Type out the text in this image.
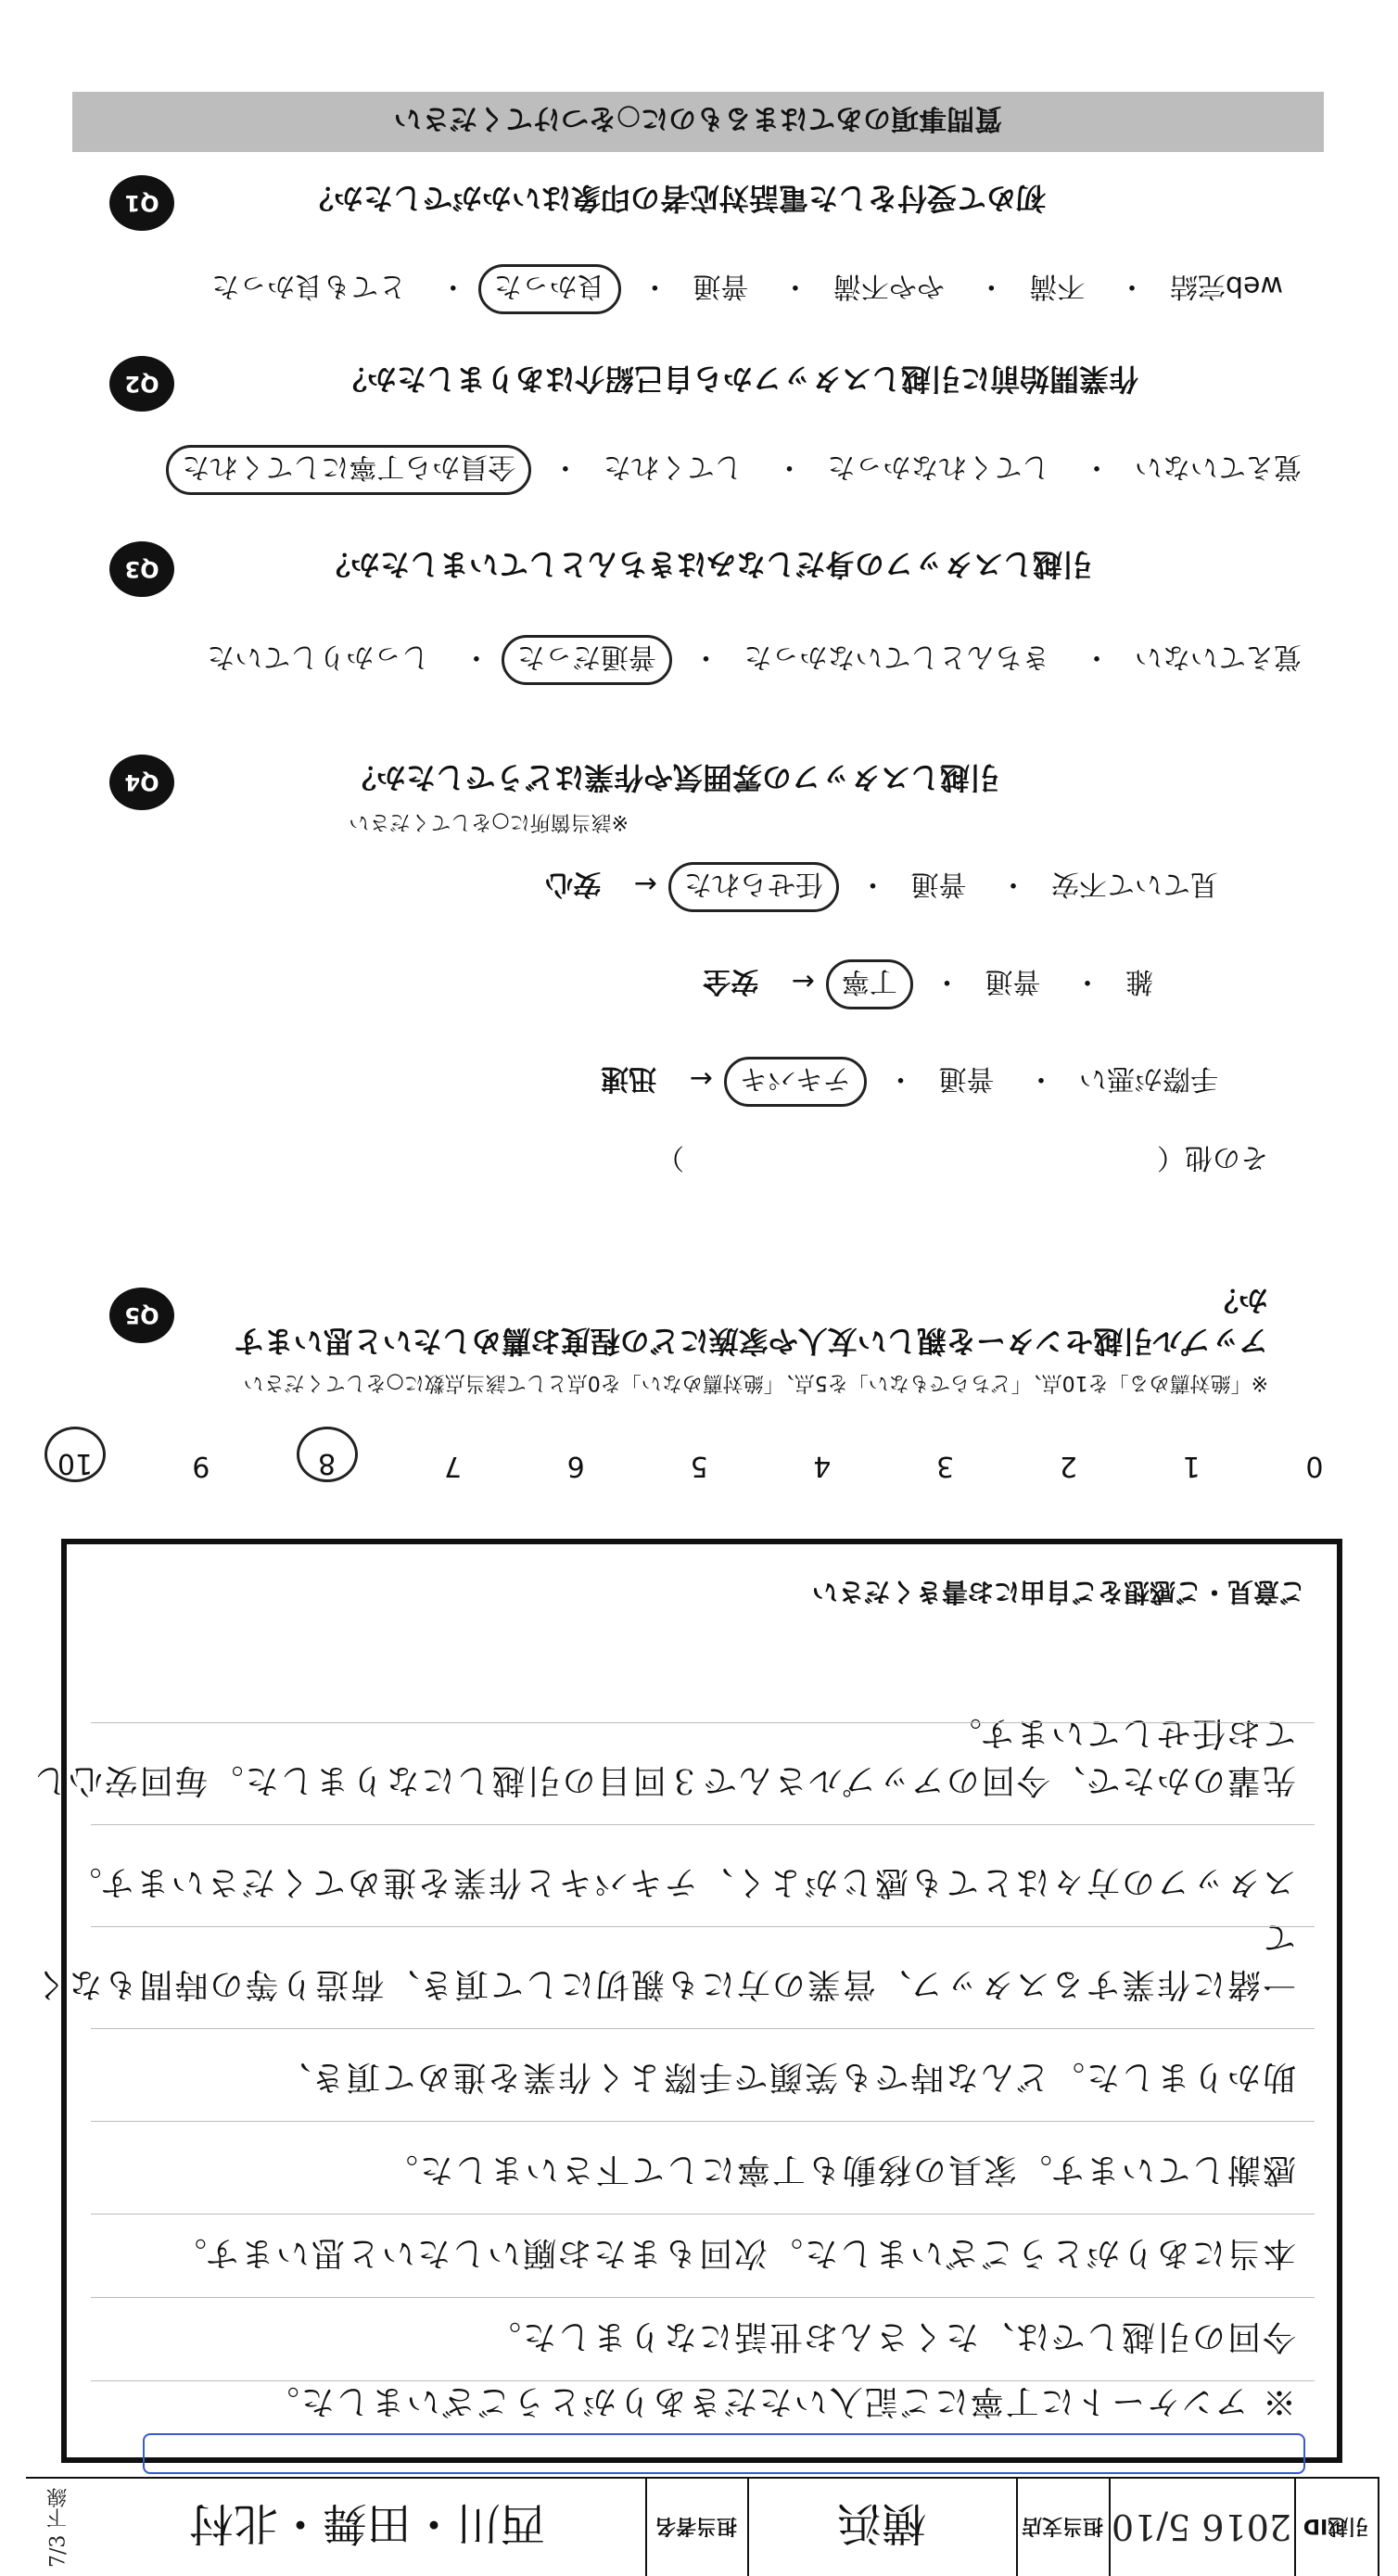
引越ID
2016 5/10
担当支店
横浜
担当者名
西川・田舞・北村
7/3 下線
※ アンケートに丁寧にご記入いただきありがとうございました。
今回の引越しでは、たくさんお世話になりました。
本当にありがとうございました。次回もまたお願いしたいと思います。
感謝しています。家具の移動も丁寧にして下さいました。
助かりました。どんな時でも笑顔で手際よく作業を進めて頂き、
一緒に作業するスタッフ、営業の方にも親切にして頂き、荷造り等の時間もなくて
スタッフの方々はとても感じがよく、テキパキと作業を進めてくださいます。
先輩のかたで、今回のアップルさんで３回目の引越しになりました。毎回安心してお任せしています。
ご意見・ご感想をご自由にお書きください
0
1
2
3
4
5
6
7
8
9
10
※「絶対薦める」を10点、「どちらでもない」を5点、「絶対薦めない」を0点として該当点数に○をしてください
アップル引越センターを親しい友人や家族にどの程度お薦めしたいと思いますか？
Q5
その他（　　　　　　　　　　　　　　　　　）
手際が悪い・ 普通・ テキパキ← 迅速
雑・ 普通・ 丁寧← 安全
見ていて不安・ 普通・ 任せられた← 安心
※該当箇所に○をしてください
引越しスタッフの雰囲気や作業はどうでしたか？
Q4
覚えていない・ きちんとしていなかった・ 普通だった・ しっかりしていた
引越しスタッフの身だしなみはきちんとしていましたか？
Q3
覚えていない・ してくれなかった・ してくれた・ 全員から丁寧にしてくれた
作業開始前に引越しスタッフから自己紹介はありましたか？
Q2
web完結・ 不満・ やや不満・ 普通・ 良かった・ とても良かった
初めて受付をした電話対応者の印象はいかがでしたか？
Q1
質問事項のあてはまるものに○をつけてください
